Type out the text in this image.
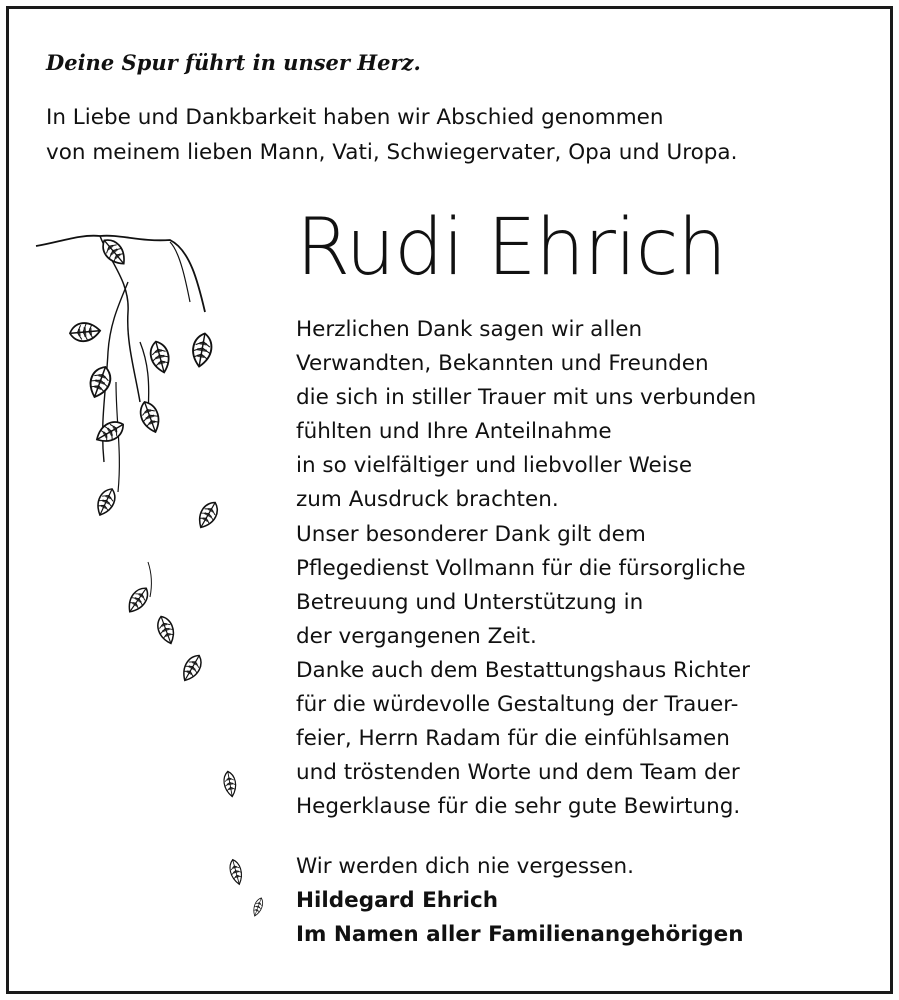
Deine Spur führt in unser Herz.
In Liebe und Dankbarkeit haben wir Abschied genommen
von meinem lieben Mann, Vati, Schwiegervater, Opa und Uropa.
Rudi Ehrich
Herzlichen Dank sagen wir allen
Verwandten, Bekannten und Freunden
die sich in stiller Trauer mit uns verbunden
fühlten und Ihre Anteilnahme
in so vielfältiger und liebvoller Weise
zum Ausdruck brachten.
Unser besonderer Dank gilt dem
Pflegedienst Vollmann für die fürsorgliche
Betreuung und Unterstützung in
der vergangenen Zeit.
Danke auch dem Bestattungshaus Richter
für die würdevolle Gestaltung der Trauer-
feier, Herrn Radam für die einfühlsamen
und tröstenden Worte und dem Team der
Hegerklause für die sehr gute Bewirtung.
Wir werden dich nie vergessen.
Hildegard Ehrich
Im Namen aller Familienangehörigen
